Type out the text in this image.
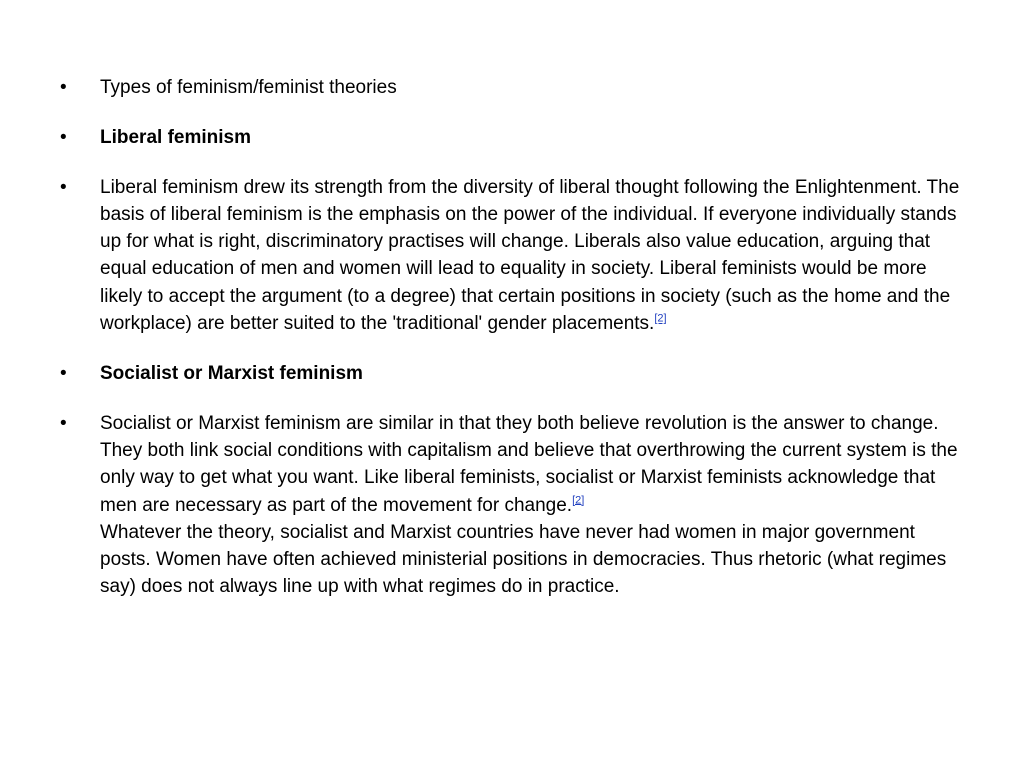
• Types of feminism/feminist theories
• Liberal feminism
• Liberal feminism drew its strength from the diversity of liberal thought following the Enlightenment. The basis of liberal feminism is the emphasis on the power of the individual. If everyone individually stands up for what is right, discriminatory practises will change. Liberals also value education, arguing that equal education of men and women will lead to equality in society. Liberal feminists would be more likely to accept the argument (to a degree) that certain positions in society (such as the home and the workplace) are better suited to the 'traditional' gender placements.[2]
• Socialist or Marxist feminism
• Socialist or Marxist feminism are similar in that they both believe revolution is the answer to change. They both link social conditions with capitalism and believe that overthrowing the current system is the only way to get what you want. Like liberal feminists, socialist or Marxist feminists acknowledge that men are necessary as part of the movement for change.[2]
Whatever the theory, socialist and Marxist countries have never had women in major government posts. Women have often achieved ministerial positions in democracies. Thus rhetoric (what regimes say) does not always line up with what regimes do in practice.
